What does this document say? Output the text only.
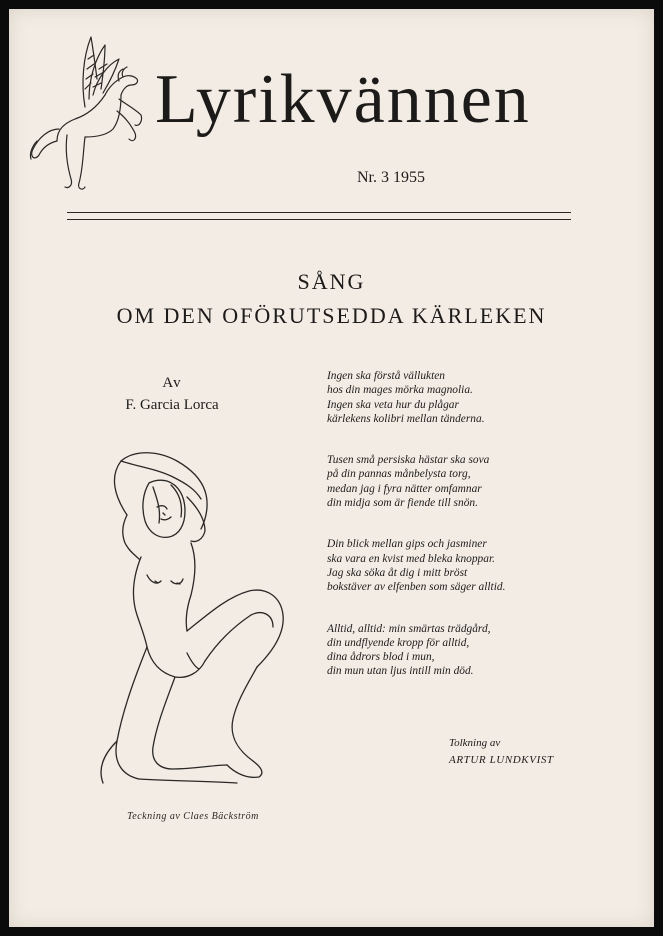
Lyrikvännen
Nr. 3 1955
SÅNG
OM DEN OFÖRUTSEDDA KÄRLEKEN
Av
F. Garcia Lorca
Teckning av Claes Bäckström
Ingen ska förstå vällukten
hos din mages mörka magnolia.
Ingen ska veta hur du plågar
kärlekens kolibri mellan tänderna.
Tusen små persiska hästar ska sova
på din pannas månbelysta torg,
medan jag i fyra nätter omfamnar
din midja som är fiende till snön.
Din blick mellan gips och jasminer
ska vara en kvist med bleka knoppar.
Jag ska söka åt dig i mitt bröst
bokstäver av elfenben som säger alltid.
Alltid, alltid: min smärtas trädgård,
din undflyende kropp för alltid,
dina ådrors blod i mun,
din mun utan ljus intill min död.
Tolkning av
ARTUR LUNDKVIST
